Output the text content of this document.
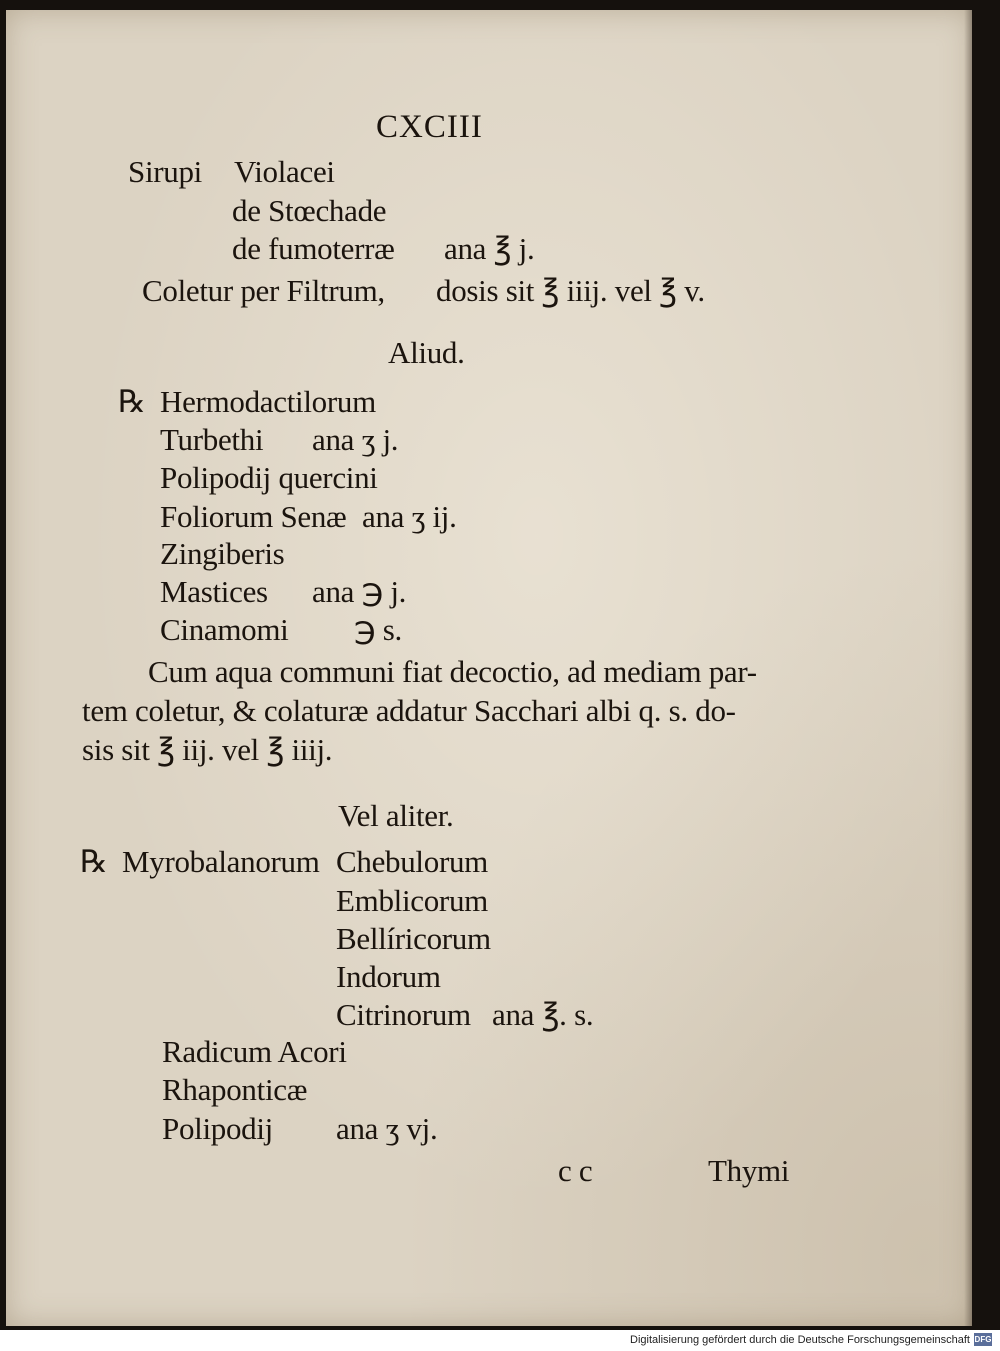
CXCIII
Sirupi Violacei
de Stœchade
de fumoterræ ana ℥ j.
Coletur per Filtrum, dosis sit ℥ iiij. vel ℥ v.
Aliud.
℞ Hermodactilorum
Turbethi ana ʒ j.
Polipodij quercini
Foliorum Senæ ana ʒ ij.
Zingiberis
Mastices ana ℈ j.
Cinamomi ℈ s.
Cum aqua communi fiat decoctio, ad mediam par-
tem coletur, & colaturæ addatur Sacchari albi q. s. do-
sis sit ℥ iij. vel ℥ iiij.
Vel aliter.
℞ Myrobalanorum Chebulorum
Emblicorum
Bellíricorum
Indorum
Citrinorum ana ℥. s.
Radicum Acori
Rhaponticæ
Polipodij ana ʒ vj.
c c	Thymi
Digitalisierung gefördert durch die Deutsche Forschungsgemeinschaft DFG
